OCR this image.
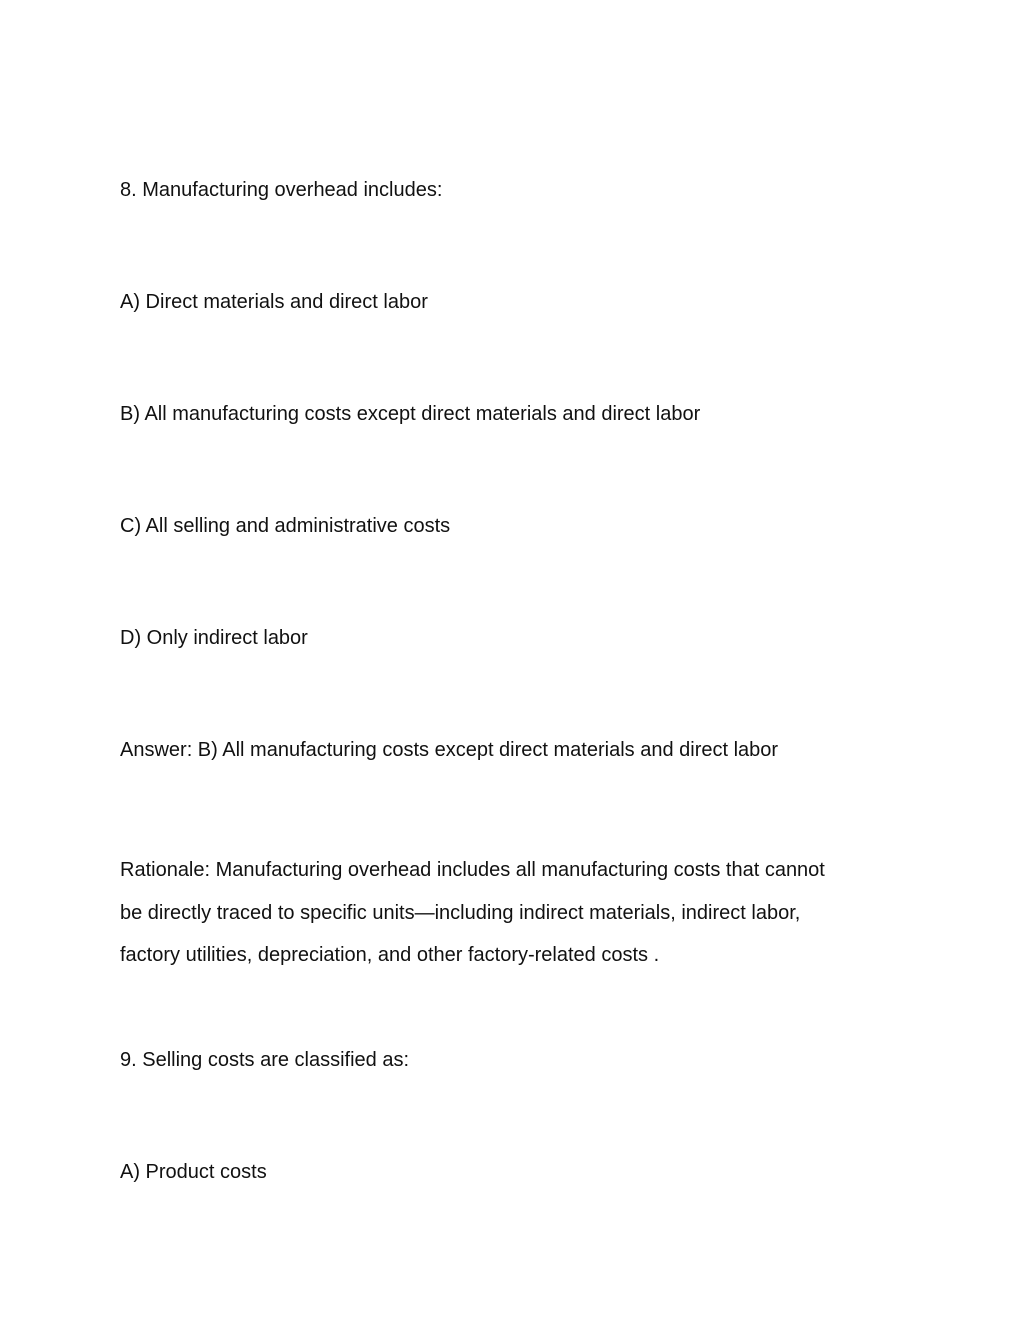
8. Manufacturing overhead includes:

A) Direct materials and direct labor

B) All manufacturing costs except direct materials and direct labor

C) All selling and administrative costs

D) Only indirect labor

Answer: B) All manufacturing costs except direct materials and direct labor

Rationale: Manufacturing overhead includes all manufacturing costs that cannot
be directly traced to specific units—including indirect materials, indirect labor,
factory utilities, depreciation, and other factory-related costs .

9. Selling costs are classified as:

A) Product costs
